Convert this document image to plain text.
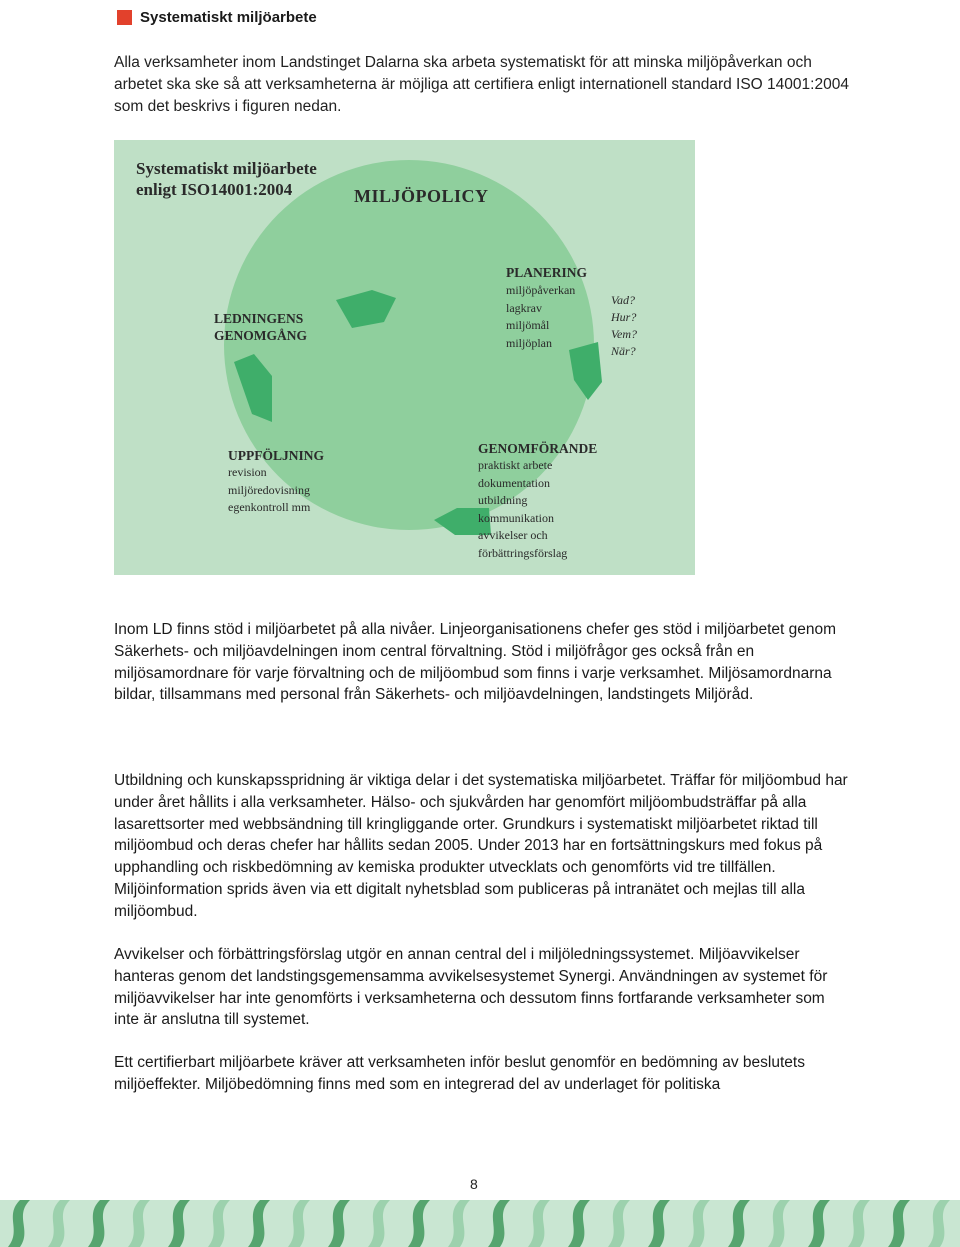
Systematiskt miljöarbete
Alla verksamheter inom Landstinget Dalarna ska arbeta systematiskt för att minska miljöpåverkan och arbetet ska ske så att verksamheterna är möjliga att certifiera enligt internationell standard ISO 14001:2004 som det beskrivs i figuren nedan.
Systematiskt miljöarbete
enligt ISO14001:2004	MILJÖPOLICY
PLANERING
miljöpåverkan
lagkrav
miljömål
miljöplan
Vad?
Hur?
Vem?
När?
LEDNINGENS
GENOMGÅNG
GENOMFÖRANDE
praktiskt arbete
dokumentation
utbildning
kommunikation
avvikelser och
förbättringsförslag
UPPFÖLJNING
revision
miljöredovisning
egenkontroll mm
Inom LD finns stöd i miljöarbetet på alla nivåer. Linjeorganisationens chefer ges stöd i miljöarbetet genom Säkerhets- och miljöavdelningen inom central förvaltning. Stöd i miljöfrågor ges också från en miljösamordnare för varje förvaltning och de miljöombud som finns i varje verksamhet. Miljösamordnarna bildar, tillsammans med personal från Säkerhets- och miljöavdelningen, landstingets Miljöråd.
Utbildning och kunskapsspridning är viktiga delar i det systematiska miljöarbetet. Träffar för miljöombud har under året hållits i alla verksamheter. Hälso- och sjukvården har genomfört miljöombudsträffar på alla lasarettsorter med webbsändning till kringliggande orter. Grundkurs i systematiskt miljöarbetet riktad till miljöombud och deras chefer har hållits sedan 2005. Under 2013 har en fortsättningskurs med fokus på upphandling och riskbedömning av kemiska produkter utvecklats och genomförts vid tre tillfällen. Miljöinformation sprids även via ett digitalt nyhetsblad som publiceras på intranätet och mejlas till alla miljöombud.
Avvikelser och förbättringsförslag utgör en annan central del i miljöledningssystemet. Miljöavvikelser hanteras genom det landstingsgemensamma avvikelsesystemet Synergi. Användningen av systemet för miljöavvikelser har inte genomförts i verksamheterna och dessutom finns fortfarande verksamheter som inte är anslutna till systemet.
Ett certifierbart miljöarbete kräver att verksamheten inför beslut genomför en bedömning av beslutets miljöeffekter. Miljöbedömning finns med som en integrerad del av underlaget för politiska
8
